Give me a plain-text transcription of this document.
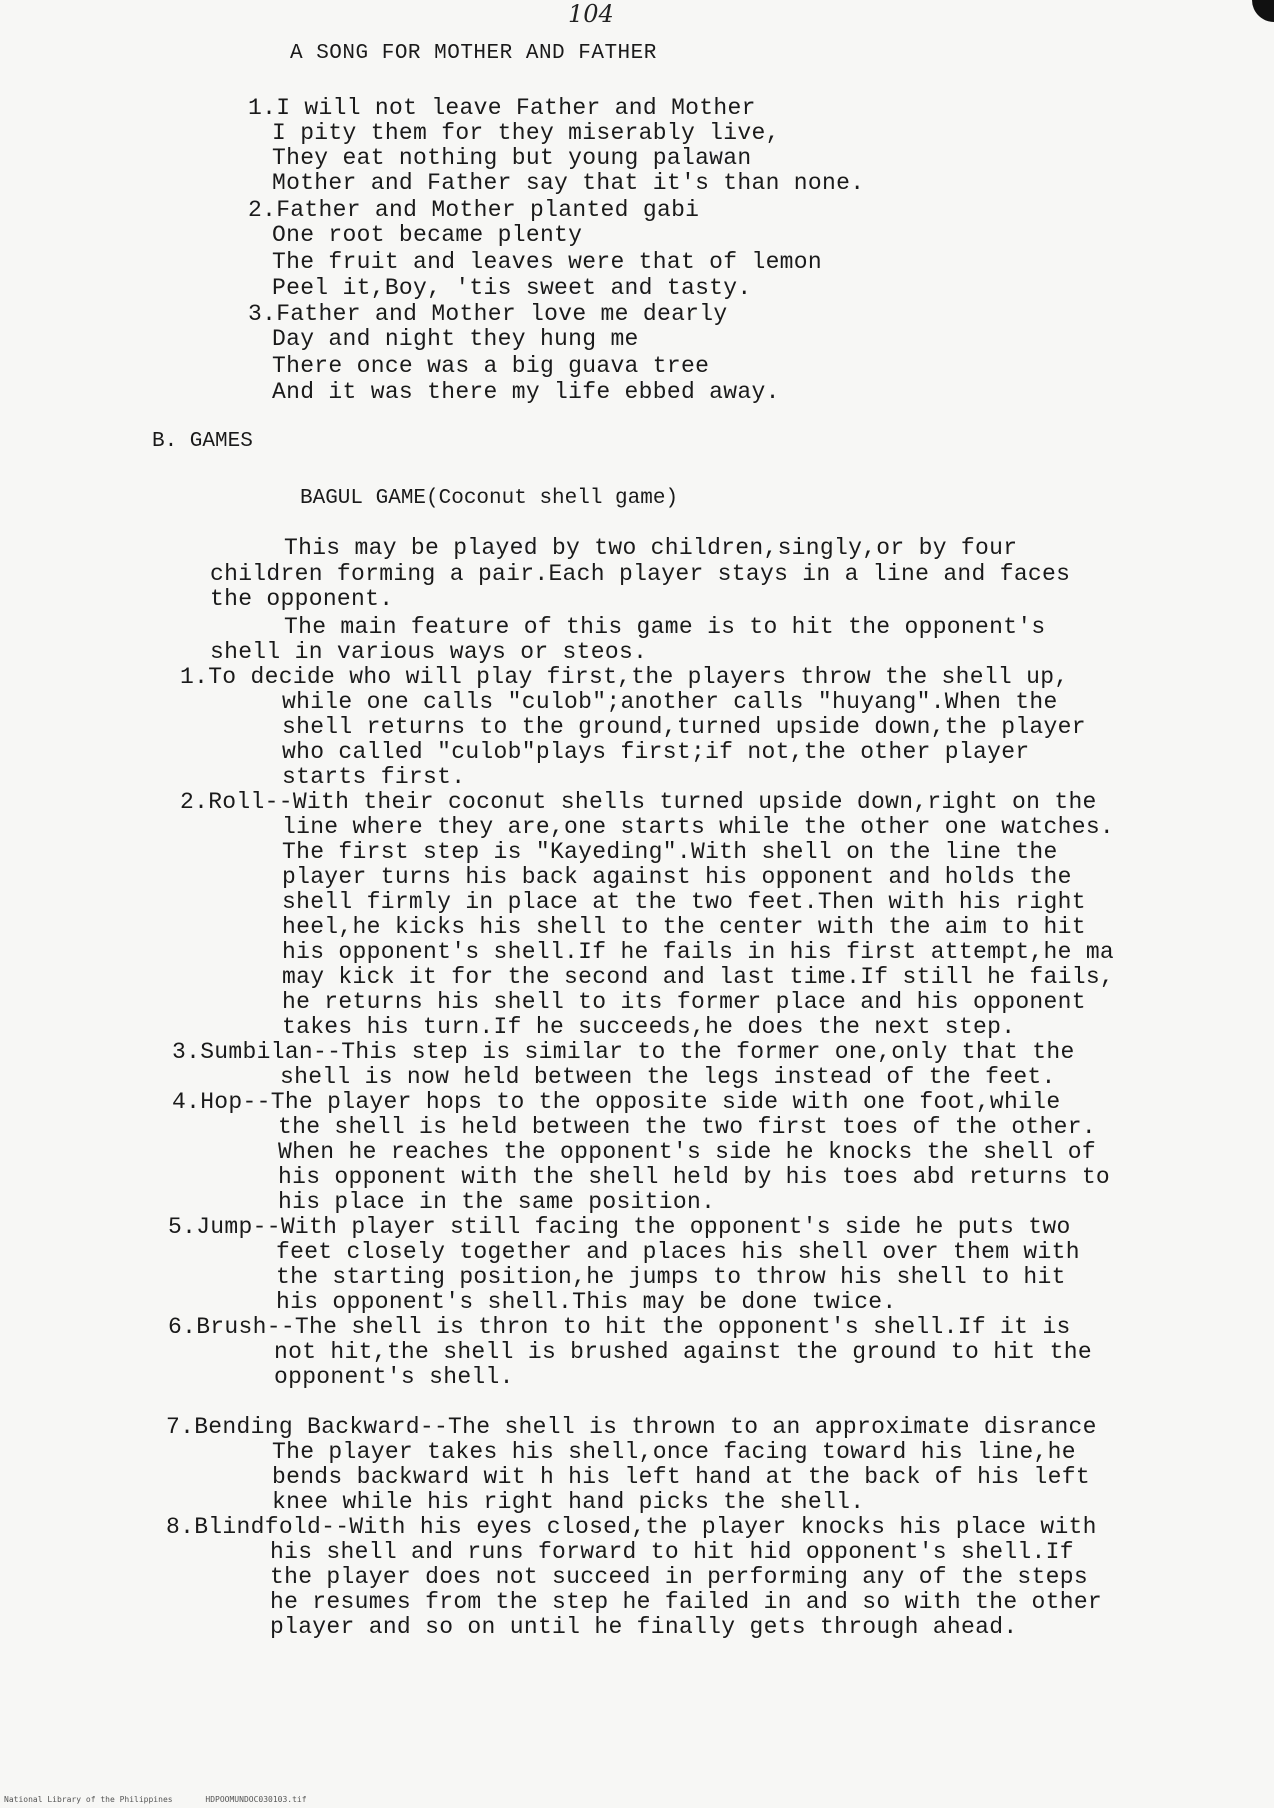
104

A SONG FOR MOTHER AND FATHER

1.I will not leave Father and Mother

I pity them for they miserably live,

They eat nothing but young palawan

Mother and Father say that it's than none.

2.Father and Mother planted gabi

One root became plenty

The fruit and leaves were that of lemon

Peel it,Boy, 'tis sweet and tasty.

3.Father and Mother love me dearly

Day and night they hung me

There once was a big guava tree

And it was there my life ebbed away.

B. GAMES

BAGUL GAME(Coconut shell game)

This may be played by two children,singly,or by four

children forming a pair.Each player stays in a line and faces

the opponent.

The main feature of this game is to hit the opponent's

shell in various ways or steos.

1.To decide who will play first,the players throw the shell up,

while one calls "culob";another calls "huyang".When the

shell returns to the ground,turned upside down,the player

who called "culob"plays first;if not,the other player

starts first.

2.Roll--With their coconut shells turned upside down,right on the

line where they are,one starts while the other one watches.

The first step is "Kayeding".With shell on the line the

player turns his back against his opponent and holds the

shell firmly in place at the two feet.Then with his right

heel,he kicks his shell to the center with the aim to hit

his opponent's shell.If he fails in his first attempt,he ma

may kick it for the second and last time.If still he fails,

he returns his shell to its former place and his opponent

takes his turn.If he succeeds,he does the next step.

3.Sumbilan--This step is similar to the former one,only that the

shell is now held between the legs instead of the feet.

4.Hop--The player hops to the opposite side with one foot,while

the shell is held between the two first toes of the other.

When he reaches the opponent's side he knocks the shell of

his opponent with the shell held by his toes abd returns to

his place in the same position.

5.Jump--With player still facing the opponent's side he puts two

feet closely together and places his shell over them with

the starting position,he jumps to throw his shell to hit

his opponent's shell.This may be done twice.

6.Brush--The shell is thron to hit the opponent's shell.If it is

not hit,the shell is brushed against the ground to hit the

opponent's shell.

7.Bending Backward--The shell is thrown to an approximate disrance

The player takes his shell,once facing toward his line,he

bends backward wit h his left hand at the back of his left

knee while his right hand picks the shell.

8.Blindfold--With his eyes closed,the player knocks his place with

his shell and runs forward to hit hid opponent's shell.If

the player does not succeed in performing any of the steps

he resumes from the step he failed in and so with the other

player and so on until he finally gets through ahead.

National Library of the Philippines	HDPOOMUNDOC030103.tif
